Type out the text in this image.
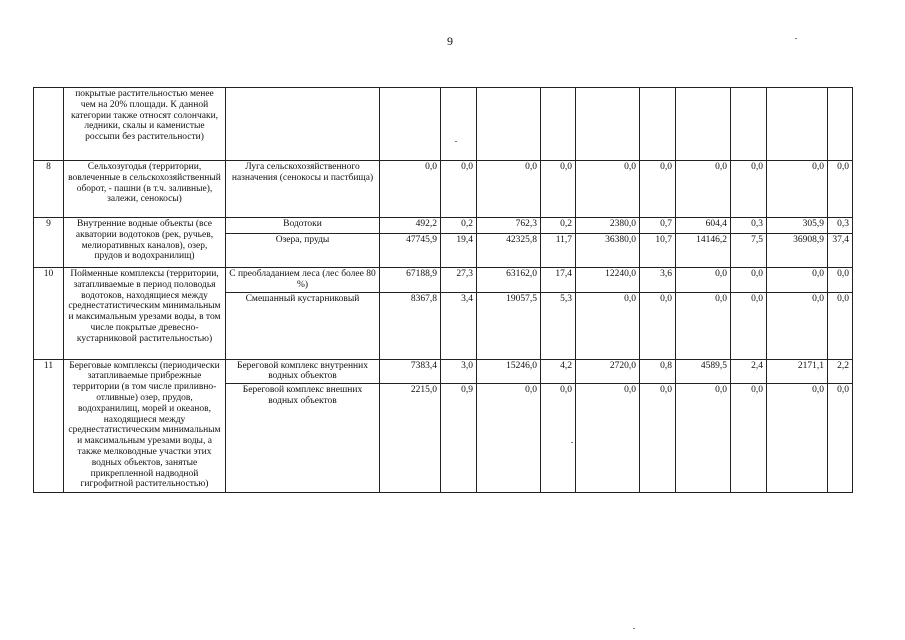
9
	покрытые растительностью менее чем на 20% площади. К данной категории также относят солончаки, ледники, скалы и каменистые россыпи без растительности)											
8	Сельхозугодья (территории, вовлеченные в сельскохозяйственный оборот, - пашни (в т.ч. заливные), залежи, сенокосы)	Луга сельскохозяйственного назначения (сенокосы и пастбища)	0,0	0,0	0,0	0,0	0,0	0,0	0,0	0,0	0,0	0,0
9	Внутренние водные объекты (все акватории водотоков (рек, ручьев, мелиоративных каналов), озер, прудов и водохранилищ)	Водотоки	492,2	0,2	762,3	0,2	2380,0	0,7	604,4	0,3	305,9	0,3
		Озера, пруды	47745,9	19,4	42325,8	11,7	36380,0	10,7	14146,2	7,5	36908,9	37,4
10	Пойменные комплексы (территории, затапливаемые в период половодья водотоков, находящиеся между среднестатистическим минимальным и максимальным урезами воды, в том числе покрытые древесно-кустарниковой растительностью)	С преобладанием леса (лес более 80 %)	67188,9	27,3	63162,0	17,4	12240,0	3,6	0,0	0,0	0,0	0,0
		Смешанный кустарниковый	8367,8	3,4	19057,5	5,3	0,0	0,0	0,0	0,0	0,0	0,0
11	Береговые комплексы (периодически затапливаемые прибрежные территории (в том числе приливно-отливные) озер, прудов, водохранилищ, морей и океанов, находящиеся между среднестатистическим минимальным и максимальным урезами воды, а также мелководные участки этих водных объектов, занятые прикрепленной надводной гигрофитной растительностью)	Береговой комплекс внутренних водных объектов	7383,4	3,0	15246,0	4,2	2720,0	0,8	4589,5	2,4	2171,1	2,2
		Береговой комплекс внешних водных объектов	2215,0	0,9	0,0	0,0	0,0	0,0	0,0	0,0	0,0	0,0
